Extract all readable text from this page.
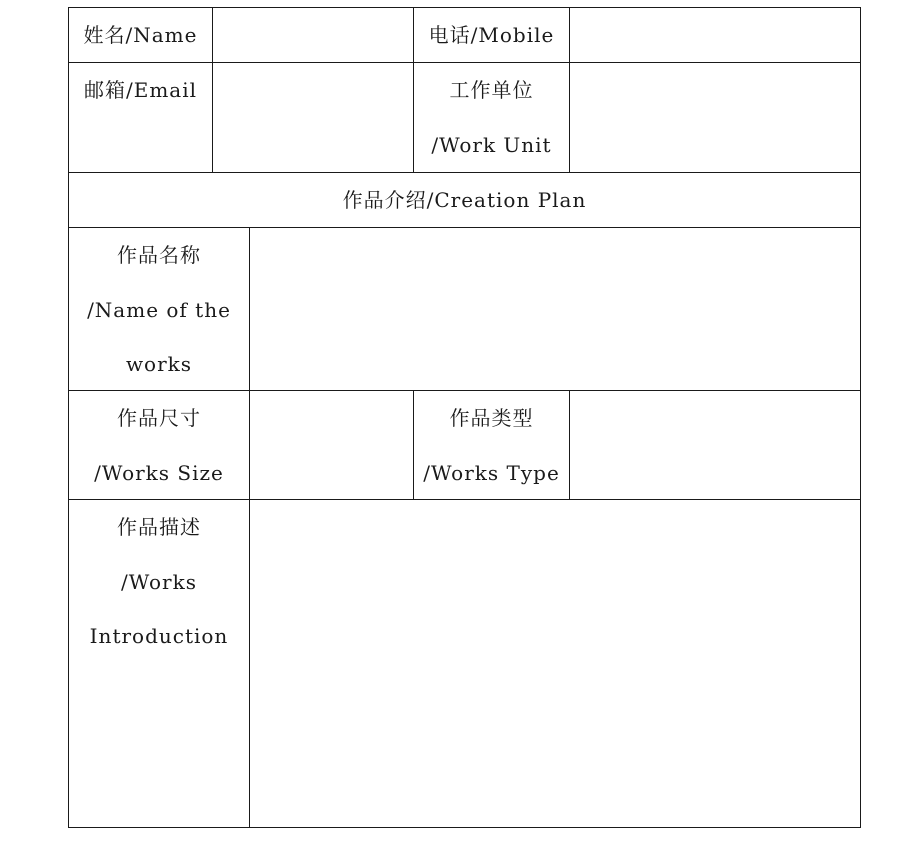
姓名/Name	电话/Mobile
邮箱/Email	工作单位
/Work Unit
作品介绍/Creation Plan
作品名称
/Name of the
works
作品尺寸
/Works Size
作品类型
/Works Type
作品描述
/Works
Introduction
